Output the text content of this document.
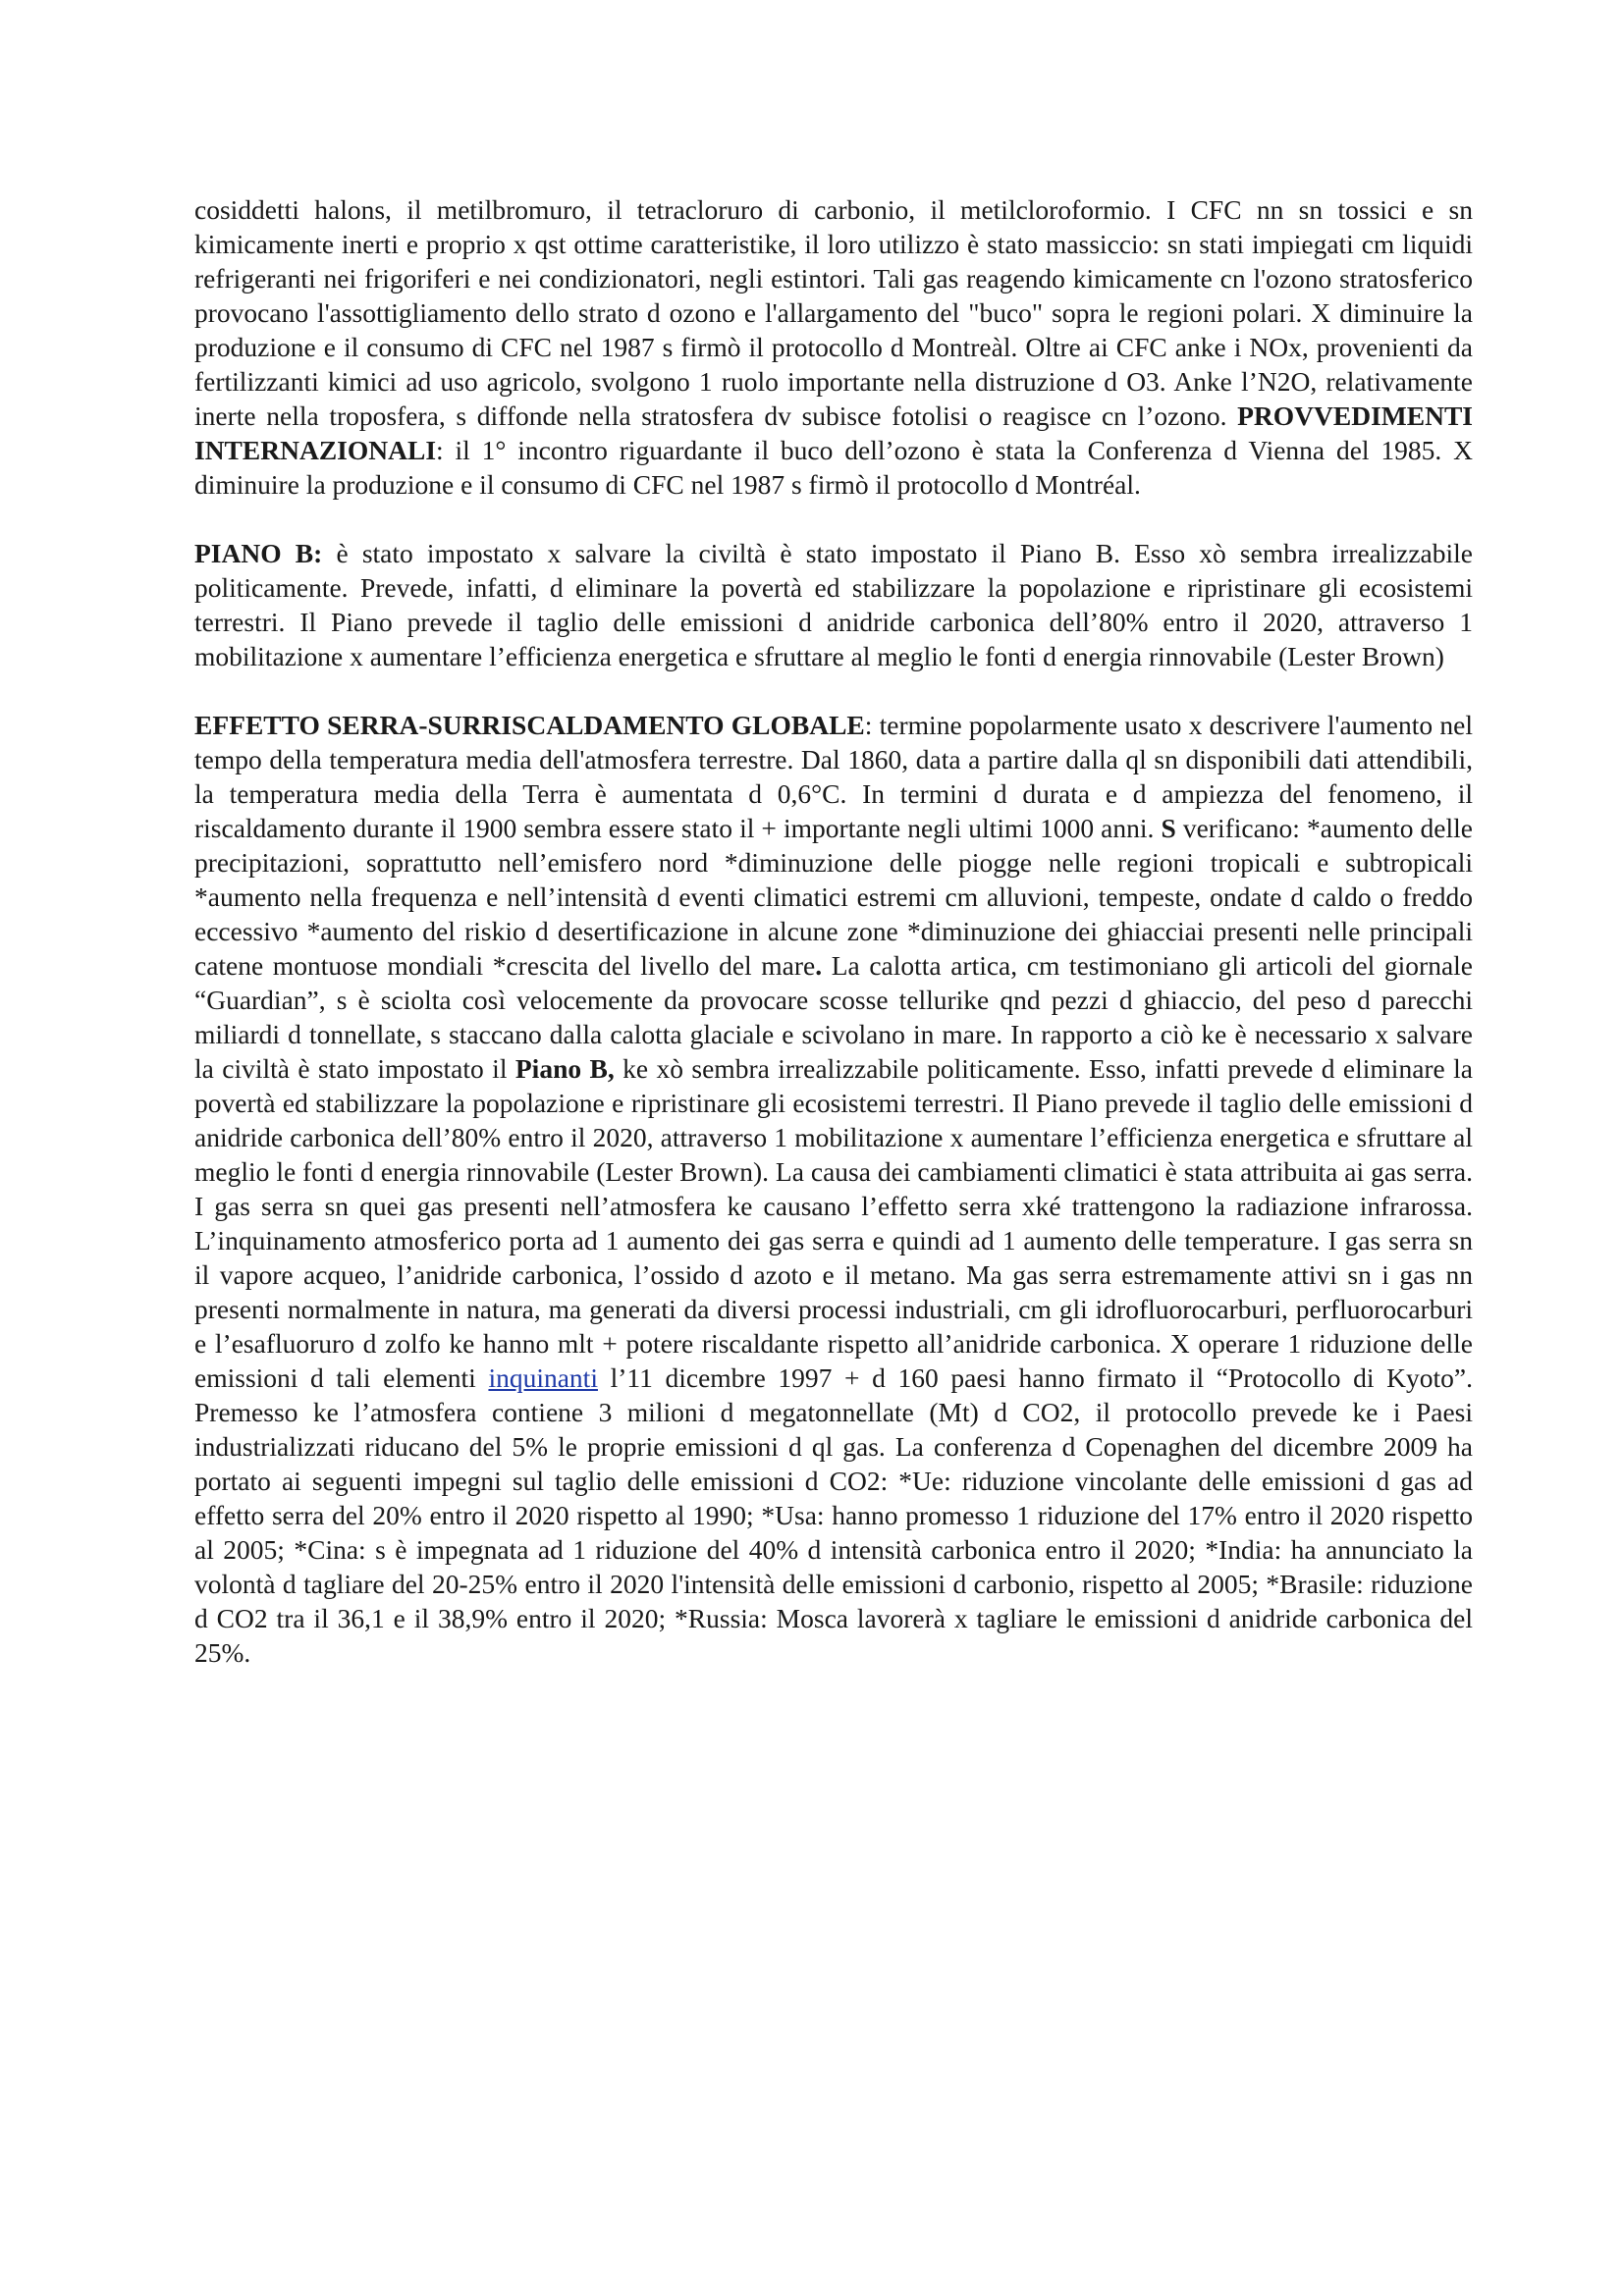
cosiddetti halons, il metilbromuro, il tetracloruro di carbonio, il metilcloroformio. I CFC nn sn tossici e sn kimicamente inerti e proprio x qst ottime caratteristike, il loro utilizzo è stato massiccio: sn stati impiegati cm liquidi refrigeranti nei frigoriferi e nei condizionatori, negli estintori. Tali gas reagendo kimicamente cn l'ozono stratosferico provocano l'assottigliamento dello strato d ozono e l'allargamento del "buco" sopra le regioni polari. X diminuire la produzione e il consumo di CFC nel 1987 s firmò il protocollo d Montreàl. Oltre ai CFC anke i NOx, provenienti da fertilizzanti kimici ad uso agricolo, svolgono 1 ruolo importante nella distruzione d O3. Anke l’N2O, relativamente inerte nella troposfera, s diffonde nella stratosfera dv subisce fotolisi o reagisce cn l’ozono. PROVVEDIMENTI INTERNAZIONALI: il 1° incontro riguardante il buco dell’ozono è stata la Conferenza d Vienna del 1985. X diminuire la produzione e il consumo di CFC nel 1987 s firmò il protocollo d Montréal.

PIANO B: è stato impostato x salvare la civiltà è stato impostato il Piano B. Esso xò sembra irrealizzabile politicamente. Prevede, infatti, d eliminare la povertà ed stabilizzare la popolazione e ripristinare gli ecosistemi terrestri. Il Piano prevede il taglio delle emissioni d anidride carbonica dell’80% entro il 2020, attraverso 1 mobilitazione x aumentare l’efficienza energetica e sfruttare al meglio le fonti d energia rinnovabile (Lester Brown)

EFFETTO SERRA-SURRISCALDAMENTO GLOBALE: termine popolarmente usato x descrivere l'aumento nel tempo della temperatura media dell'atmosfera terrestre. Dal 1860, data a partire dalla ql sn disponibili dati attendibili, la temperatura media della Terra è aumentata d 0,6°C. In termini d durata e d ampiezza del fenomeno, il riscaldamento durante il 1900 sembra essere stato il + importante negli ultimi 1000 anni. S verificano: *aumento delle precipitazioni, soprattutto nell’emisfero nord *diminuzione delle piogge nelle regioni tropicali e subtropicali *aumento nella frequenza e nell’intensità d eventi climatici estremi cm alluvioni, tempeste, ondate d caldo o freddo eccessivo *aumento del riskio d desertificazione in alcune zone *diminuzione dei ghiacciai presenti nelle principali catene montuose mondiali *crescita del livello del mare. La calotta artica, cm testimoniano gli articoli del giornale “Guardian”, s è sciolta così velocemente da provocare scosse tellurike qnd pezzi d ghiaccio, del peso d parecchi miliardi d tonnellate, s staccano dalla calotta glaciale e scivolano in mare. In rapporto a ciò ke è necessario x salvare la civiltà è stato impostato il Piano B, ke xò sembra irrealizzabile politicamente. Esso, infatti prevede d eliminare la povertà ed stabilizzare la popolazione e ripristinare gli ecosistemi terrestri. Il Piano prevede il taglio delle emissioni d anidride carbonica dell’80% entro il 2020, attraverso 1 mobilitazione x aumentare l’efficienza energetica e sfruttare al meglio le fonti d energia rinnovabile (Lester Brown). La causa dei cambiamenti climatici è stata attribuita ai gas serra. I gas serra sn quei gas presenti nell’atmosfera ke causano l’effetto serra xké trattengono la radiazione infrarossa. L’inquinamento atmosferico porta ad 1 aumento dei gas serra e quindi ad 1 aumento delle temperature. I gas serra sn il vapore acqueo, l’anidride carbonica, l’ossido d azoto e il metano. Ma gas serra estremamente attivi sn i gas nn presenti normalmente in natura, ma generati da diversi processi industriali, cm gli idrofluorocarburi, perfluorocarburi e l’esafluoruro d zolfo ke hanno mlt + potere riscaldante rispetto all’anidride carbonica. X operare 1 riduzione delle emissioni d tali elementi inquinanti l’11 dicembre 1997 + d 160 paesi hanno firmato il “Protocollo di Kyoto”. Premesso ke l’atmosfera contiene 3 milioni d megatonnellate (Mt) d CO2, il protocollo prevede ke i Paesi industrializzati riducano del 5% le proprie emissioni d ql gas. La conferenza d Copenaghen del dicembre 2009 ha portato ai seguenti impegni sul taglio delle emissioni d CO2: *Ue: riduzione vincolante delle emissioni d gas ad effetto serra del 20% entro il 2020 rispetto al 1990; *Usa: hanno promesso 1 riduzione del 17% entro il 2020 rispetto al 2005; *Cina: s è impegnata ad 1 riduzione del 40% d intensità carbonica entro il 2020; *India: ha annunciato la volontà d tagliare del 20-25% entro il 2020 l'intensità delle emissioni d carbonio, rispetto al 2005; *Brasile: riduzione d CO2 tra il 36,1 e il 38,9% entro il 2020; *Russia: Mosca lavorerà x tagliare le emissioni d anidride carbonica del 25%.
